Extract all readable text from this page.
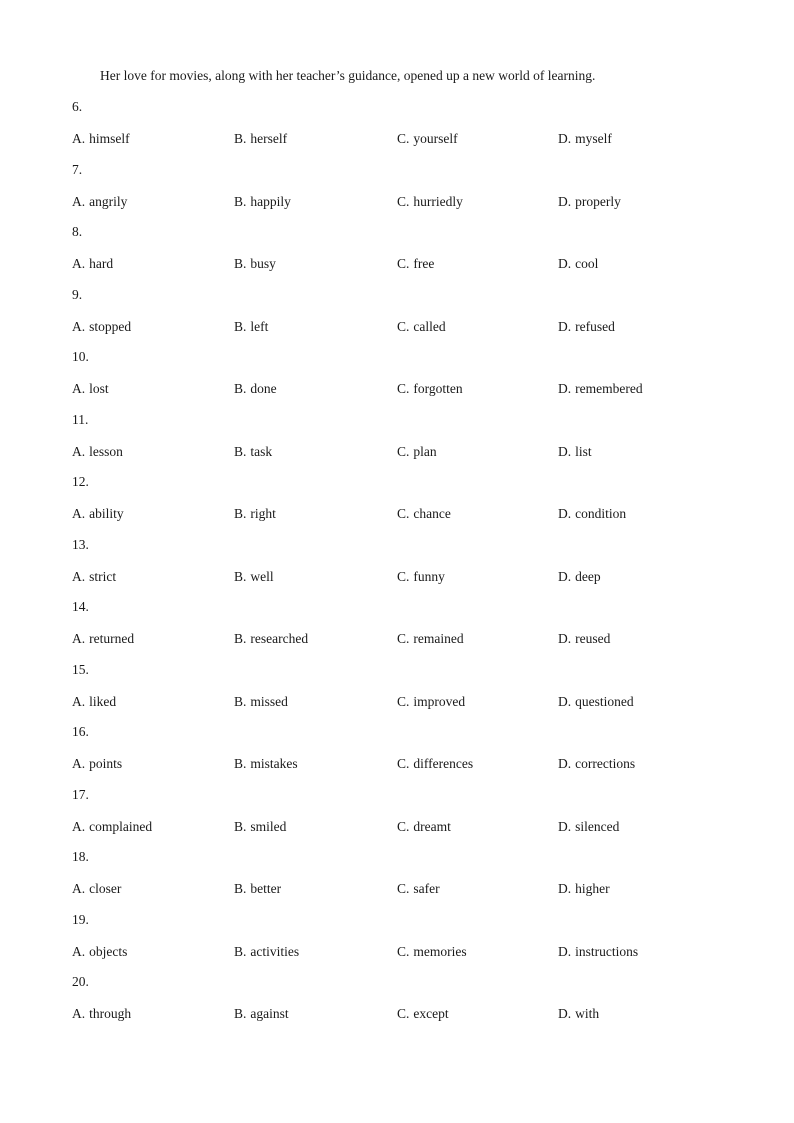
Her love for movies, along with her teacher’s guidance, opened up a new world of learning.
6.
A. himself	B. herself	C. yourself	D. myself
7.
A. angrily	B. happily	C. hurriedly	D. properly
8.
A. hard	B. busy	C. free	D. cool
9.
A. stopped	B. left	C. called	D. refused
10.
A. lost	B. done	C. forgotten	D. remembered
11.
A. lesson	B. task	C. plan	D. list
12.
A. ability	B. right	C. chance	D. condition
13.
A. strict	B. well	C. funny	D. deep
14.
A. returned	B. researched	C. remained	D. reused
15.
A. liked	B. missed	C. improved	D. questioned
16.
A. points	B. mistakes	C. differences	D. corrections
17.
A. complained	B. smiled	C. dreamt	D. silenced
18.
A. closer	B. better	C. safer	D. higher
19.
A. objects	B. activities	C. memories	D. instructions
20.
A. through	B. against	C. except	D. with
